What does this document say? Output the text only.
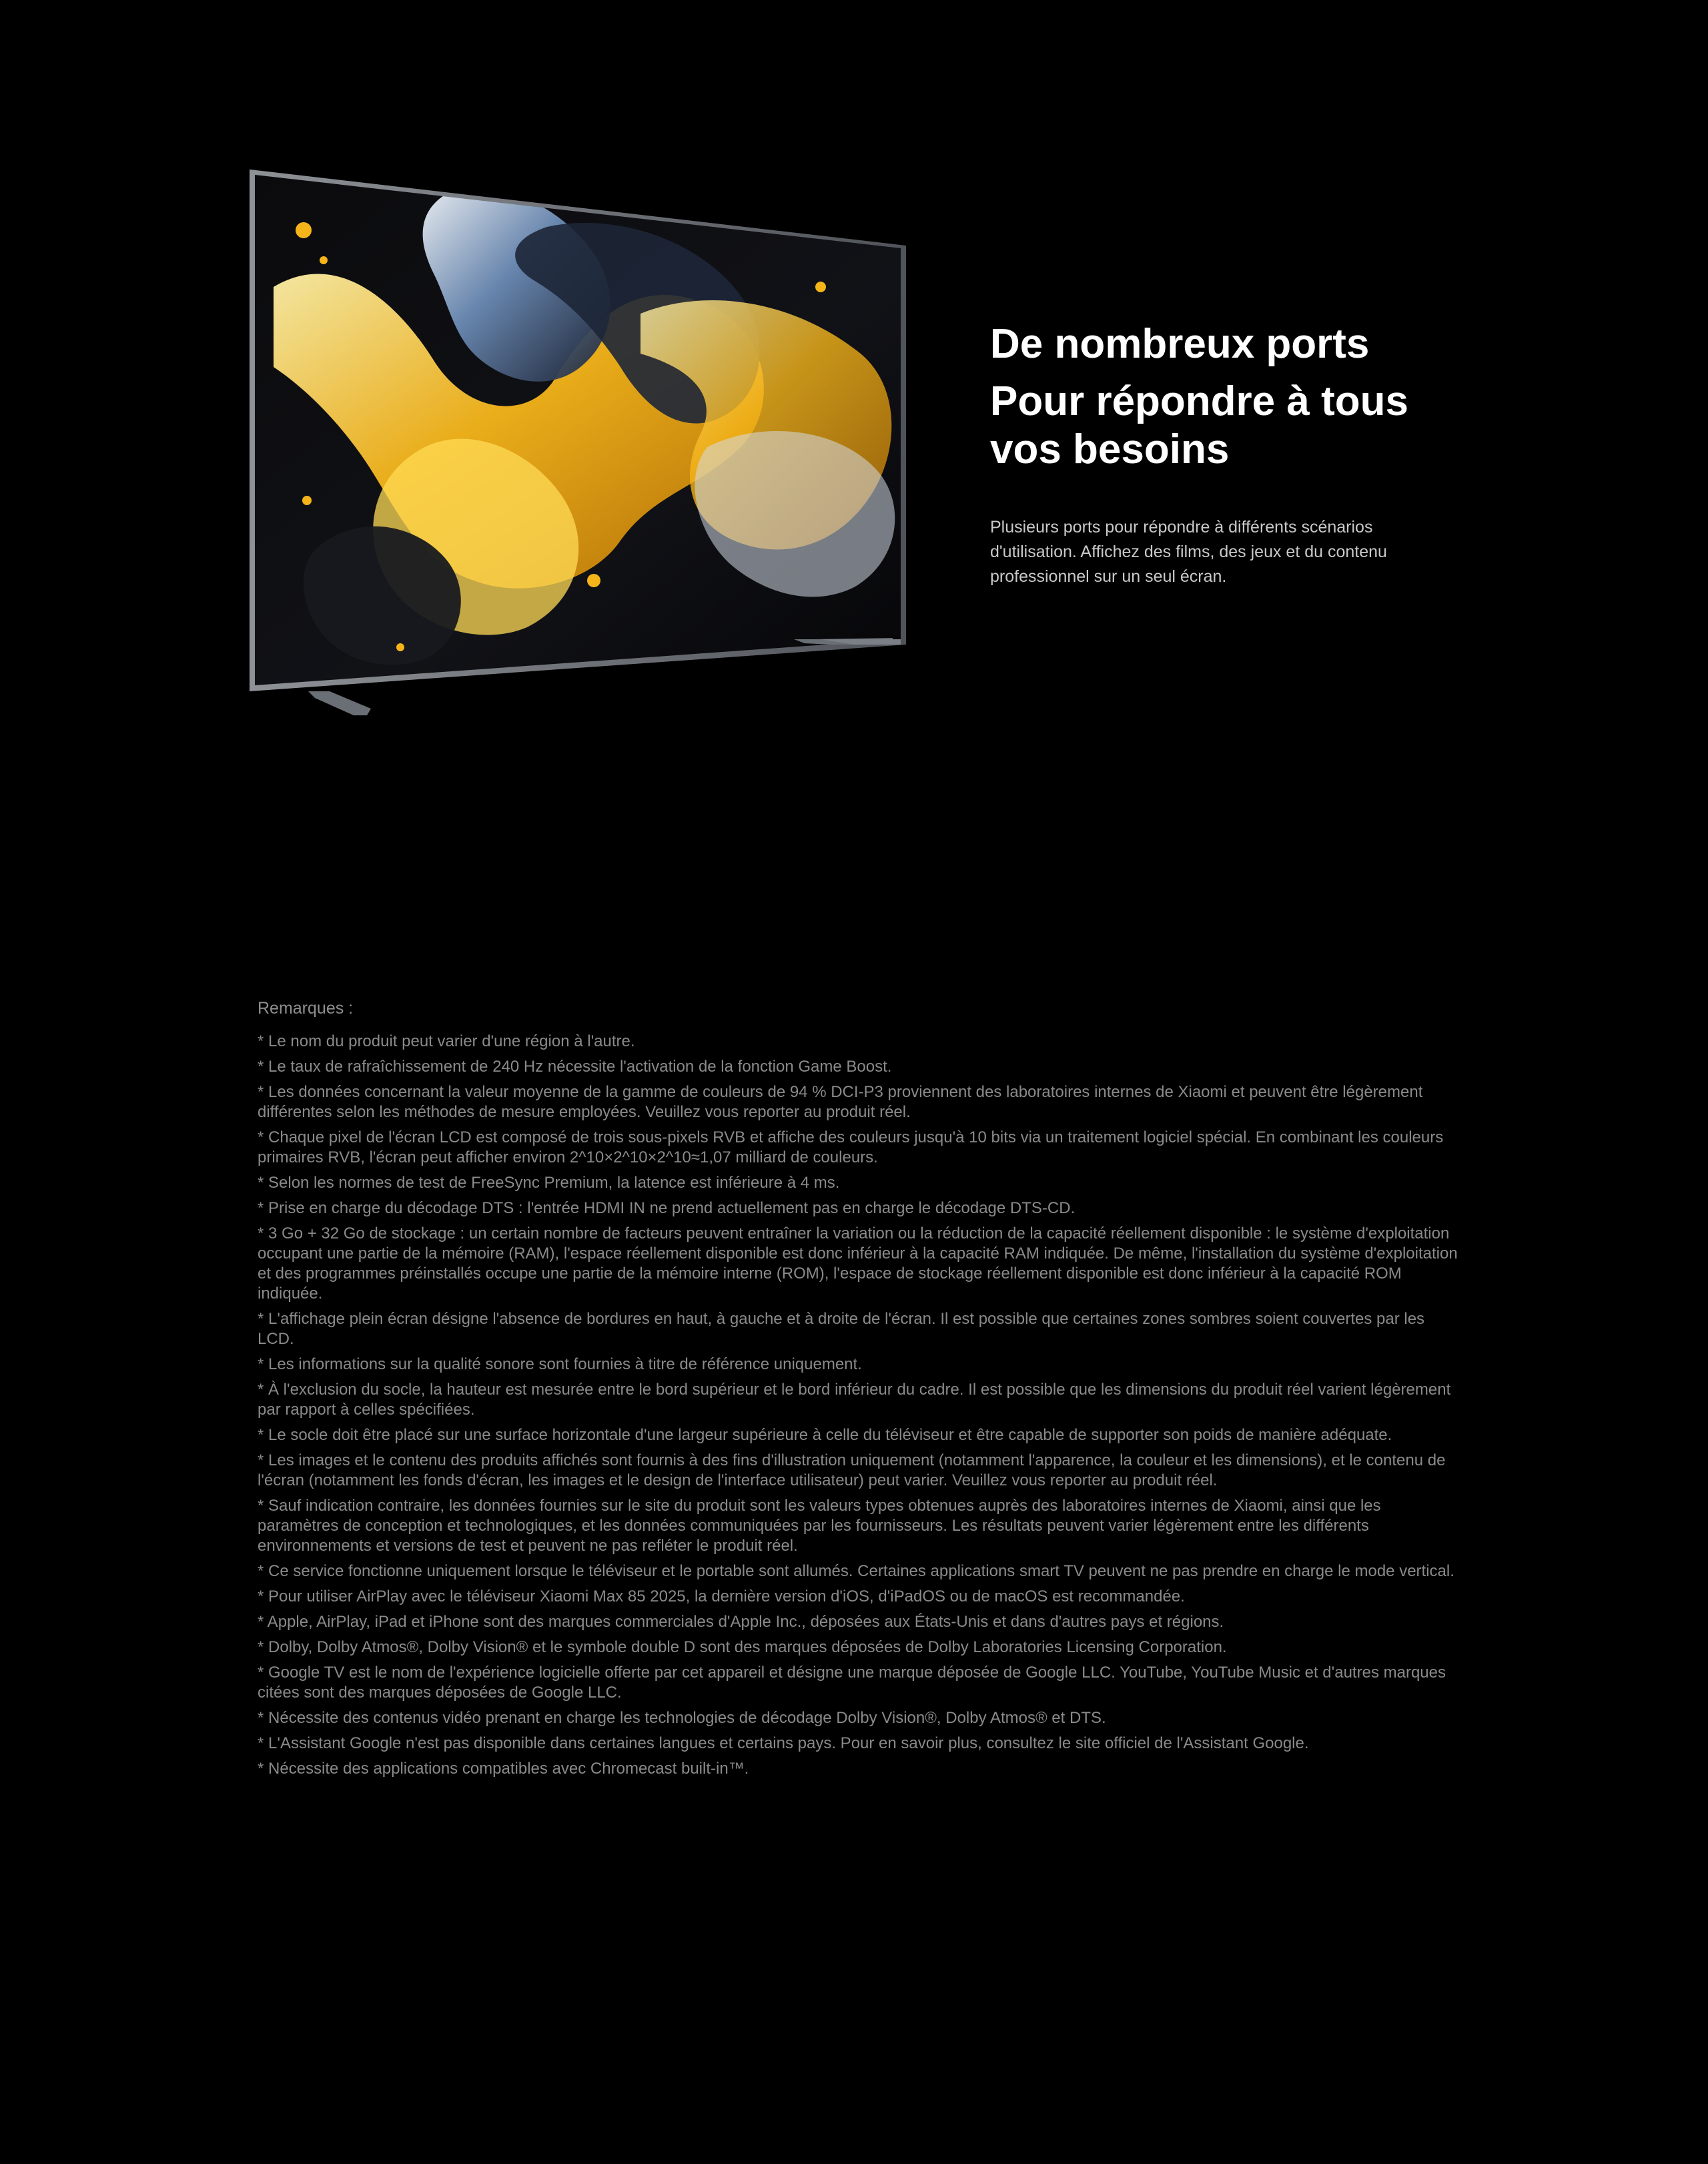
De nombreux ports
Pour répondre à tous
vos besoins
Plusieurs ports pour répondre à différents scénarios d'utilisation. Affichez des films, des jeux et du contenu professionnel sur un seul écran.
Remarques :
* Le nom du produit peut varier d'une région à l'autre.
* Le taux de rafraîchissement de 240 Hz nécessite l'activation de la fonction Game Boost.
* Les données concernant la valeur moyenne de la gamme de couleurs de 94 % DCI-P3 proviennent des laboratoires internes de Xiaomi et peuvent être légèrement différentes selon les méthodes de mesure employées. Veuillez vous reporter au produit réel.
* Chaque pixel de l'écran LCD est composé de trois sous-pixels RVB et affiche des couleurs jusqu'à 10 bits via un traitement logiciel spécial. En combinant les couleurs primaires RVB, l'écran peut afficher environ 2^10×2^10×2^10≈1,07 milliard de couleurs.
* Selon les normes de test de FreeSync Premium, la latence est inférieure à 4 ms.
* Prise en charge du décodage DTS : l'entrée HDMI IN ne prend actuellement pas en charge le décodage DTS-CD.
* 3 Go + 32 Go de stockage : un certain nombre de facteurs peuvent entraîner la variation ou la réduction de la capacité réellement disponible : le système d'exploitation occupant une partie de la mémoire (RAM), l'espace réellement disponible est donc inférieur à la capacité RAM indiquée. De même, l'installation du système d'exploitation et des programmes préinstallés occupe une partie de la mémoire interne (ROM), l'espace de stockage réellement disponible est donc inférieur à la capacité ROM indiquée.
* L'affichage plein écran désigne l'absence de bordures en haut, à gauche et à droite de l'écran. Il est possible que certaines zones sombres soient couvertes par les LCD.
* Les informations sur la qualité sonore sont fournies à titre de référence uniquement.
* À l'exclusion du socle, la hauteur est mesurée entre le bord supérieur et le bord inférieur du cadre. Il est possible que les dimensions du produit réel varient légèrement par rapport à celles spécifiées.
* Le socle doit être placé sur une surface horizontale d'une largeur supérieure à celle du téléviseur et être capable de supporter son poids de manière adéquate.
* Les images et le contenu des produits affichés sont fournis à des fins d'illustration uniquement (notamment l'apparence, la couleur et les dimensions), et le contenu de l'écran (notamment les fonds d'écran, les images et le design de l'interface utilisateur) peut varier. Veuillez vous reporter au produit réel.
* Sauf indication contraire, les données fournies sur le site du produit sont les valeurs types obtenues auprès des laboratoires internes de Xiaomi, ainsi que les paramètres de conception et technologiques, et les données communiquées par les fournisseurs. Les résultats peuvent varier légèrement entre les différents environnements et versions de test et peuvent ne pas refléter le produit réel.
* Ce service fonctionne uniquement lorsque le téléviseur et le portable sont allumés. Certaines applications smart TV peuvent ne pas prendre en charge le mode vertical.
* Pour utiliser AirPlay avec le téléviseur Xiaomi Max 85 2025, la dernière version d'iOS, d'iPadOS ou de macOS est recommandée.
* Apple, AirPlay, iPad et iPhone sont des marques commerciales d'Apple Inc., déposées aux États-Unis et dans d'autres pays et régions.
* Dolby, Dolby Atmos®, Dolby Vision® et le symbole double D sont des marques déposées de Dolby Laboratories Licensing Corporation.
* Google TV est le nom de l'expérience logicielle offerte par cet appareil et désigne une marque déposée de Google LLC. YouTube, YouTube Music et d'autres marques citées sont des marques déposées de Google LLC.
* Nécessite des contenus vidéo prenant en charge les technologies de décodage Dolby Vision®, Dolby Atmos® et DTS.
* L'Assistant Google n'est pas disponible dans certaines langues et certains pays. Pour en savoir plus, consultez le site officiel de l'Assistant Google.
* Nécessite des applications compatibles avec Chromecast built-in™.
